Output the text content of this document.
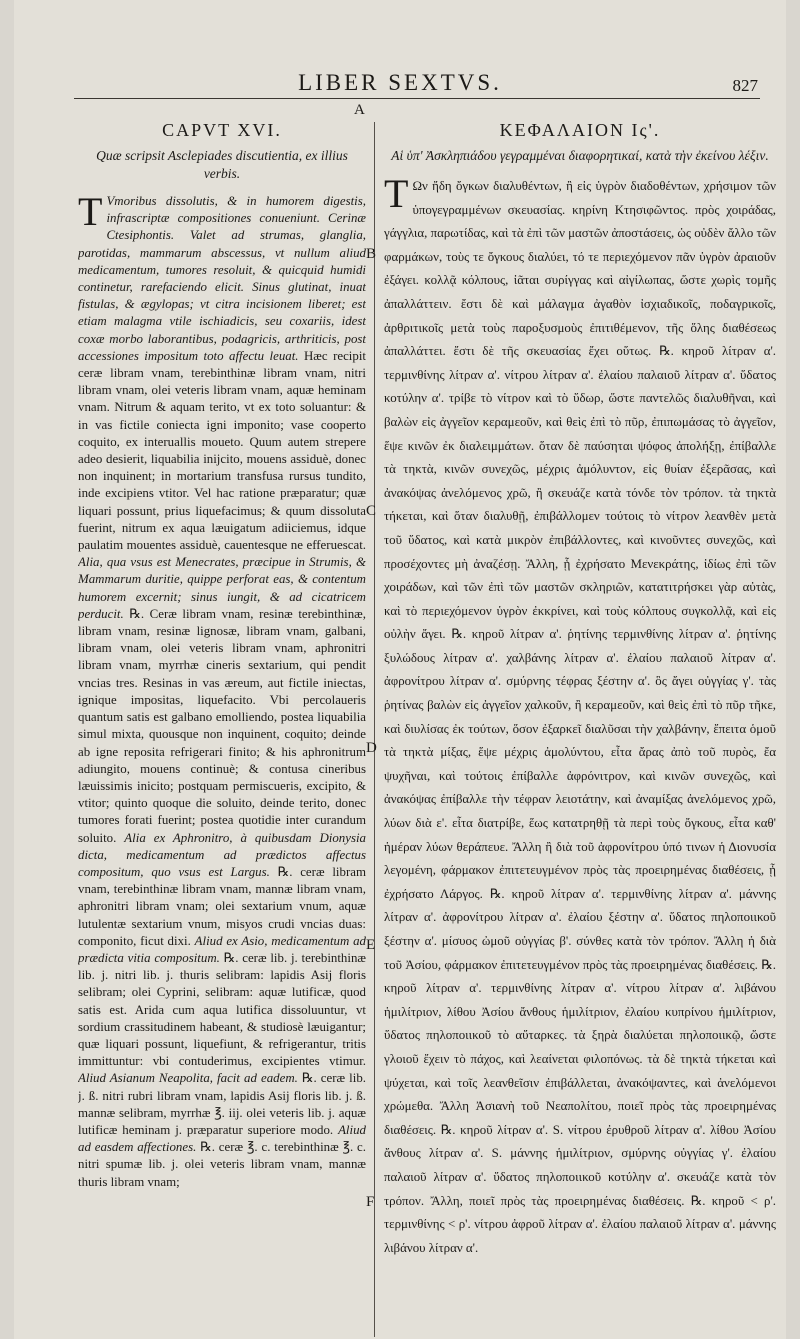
LIBER SEXTVS.	827
A
B
C
D
E
F
CAPVT XVI.
Quæ scripsit Asclepiades discutientia, ex illius verbis.

T Vmoribus dissolutis, & in humorem digestis, infrascriptæ compositiones conueniunt. Cerinæ Ctesiphontis. Valet ad strumas, glanglia, parotidas, mammarum abscessus, vt nullum aliud medicamentum, tumores resoluit, & quicquid humidi continetur, rarefaciendo elicit. Sinus glutinat, inuat fistulas, & ægylopas; vt citra incisionem liberet; est etiam malagma vtile ischiadicis, seu coxariis, idest coxæ morbo laborantibus, podagricis, arthriticis, post accessiones impositum toto affectu leuat. Hæc recipit ceræ libram vnam, terebinthinæ libram vnam, nitri libram vnam, olei veteris libram vnam, aquæ heminam vnam. Nitrum & aquam terito, vt ex toto soluantur: & in vas fictile coniecta igni imponito; vase cooperto coquito, ex interuallis moueto. Quum autem strepere adeo desierit, liquabilia inijcito, mouens assiduè, donec non inquinent; in mortarium transfusa rursus tundito, inde excipiens vtitor. Vel hac ratione præparatur; quæ liquari possunt, prius liquefacimus; & quum dissoluta fuerint, nitrum ex aqua læuigatum adiiciemus, idque paulatim mouentes assiduè, cauentesque ne efferuescat. Alia, qua vsus est Menecrates, præcipue in Strumis, & Mammarum duritie, quippe perforat eas, & contentum humorem excernit; sinus iungit, & ad cicatricem perducit. ℞. Ceræ libram vnam, resinæ terebinthinæ, libram vnam, resinæ lignosæ, libram vnam, galbani, libram vnam, olei veteris libram vnam, aphronitri libram vnam, myrrhæ cineris sextarium, qui pendit vncias tres. Resinas in vas æreum, aut fictile iniectas, ignique impositas, liquefacito. Vbi percolaueris quantum satis est galbano emolliendo, postea liquabilia simul mixta, quousque non inquinent, coquito; deinde ab igne reposita refrigerari finito; & his aphronitrum adiungito, mouens continuè; & contusa cineribus læuissimis inicito; postquam permiscueris, excipito, & vtitor; quinto quoque die soluito, deinde terito, donec tumores forati fuerint; postea quotidie inter curandum soluito. Alia ex Aphronitro, à quibusdam Dionysia dicta, medicamentum ad prædictos affectus compositum, quo vsus est Largus. ℞. ceræ libram vnam, terebinthinæ libram vnam, mannæ libram vnam, aphronitri libram vnam; olei sextarium vnum, aquæ lutulentæ sextarium vnum, misyos crudi vncias duas: componito, ficut dixi. Aliud ex Asio, medicamentum ad prædicta vitia compositum. ℞. ceræ lib. j. terebinthinæ lib. j. nitri lib. j. thuris selibram: lapidis Asij floris selibram; olei Cyprini, selibram: aquæ lutificæ, quod satis est. Arida cum aqua lutifica dissoluuntur, vt sordium crassitudinem habeant, & studiosè læuigantur; quæ liquari possunt, liquefiunt, & refrigerantur, tritis immittuntur: vbi contuderimus, excipientes vtimur. Aliud Asianum Neapolita, facit ad eadem. ℞. ceræ lib. j. ß. nitri rubri libram vnam, lapidis Asij floris lib. j. ß. mannæ selibram, myrrhæ ℥. iij. olei veteris lib. j. aquæ lutificæ heminam j. præparatur superiore modo. Aliud ad easdem affectiones. ℞. ceræ ℥. c. terebinthinæ ℥. c. nitri spumæ lib. j. olei veteris libram vnam, mannæ thuris libram vnam;

ΚΕΦΑΛΑΙΟΝ Ις'.
Αἱ ὑπ' Ἀσκληπιάδου γεγραμμέναι διαφορητικαί, κατὰ τὴν ἐκείνου λέξιν.

Τ Ων ἤδη ὄγκων διαλυθέντων, ἢ εἰς ὑγρὸν διαδοθέντων, χρήσιμον τῶν ὑπογεγραμμένων σκευασίας. κηρίνη Κτησιφῶντος. πρὸς χοιράδας, γάγγλια, παρωτίδας, καὶ τὰ ἐπὶ τῶν μαστῶν ἀποστάσεις, ὡς οὐδὲν ἄλλο τῶν φαρμάκων, τοὺς τε ὄγκους διαλύει, τό τε περιεχόμενον πᾶν ὑγρὸν ἀραιοῦν ἐξάγει. κολλᾷ κόλπους, ἰᾶται συρίγγας καὶ αἰγίλωπας, ὥστε χωρὶς τομῆς ἀπαλλάττειν. ἔστι δὲ καὶ μάλαγμα ἀγαθὸν ἰσχιαδικοῖς, ποδαγρικοῖς, ἀρθριτικοῖς μετὰ τοὺς παροξυσμοὺς ἐπιτιθέμενον, τῆς ὅλης διαθέσεως ἀπαλλάττει. ἔστι δὲ τῆς σκευασίας ἔχει οὕτως. ℞. κηροῦ λίτραν α'. τερμινθίνης λίτραν α'. νίτρου λίτραν α'. ἐλαίου παλαιοῦ λίτραν α'. ὕδατος κοτύλην α'. τρίβε τὸ νίτρον καὶ τὸ ὕδωρ, ὥστε παντελῶς διαλυθῆναι, καὶ βαλὼν εἰς ἀγγεῖον κεραμεοῦν, καὶ θεὶς ἐπὶ τὸ πῦρ, ἐπιπωμάσας τὸ ἀγγεῖον, ἕψε κινῶν ἐκ διαλειμμάτων. ὅταν δὲ παύσηται ψόφος ἀπολήξῃ, ἐπίβαλλε τὰ τηκτὰ, κινῶν συνεχῶς, μέχρις ἀμόλυντον, εἰς θυίαν ἐξερᾶσας, καὶ ἀνακόψας ἀνελόμενος χρῶ, ἢ σκευάζε κατὰ τόνδε τὸν τρόπον. τὰ τηκτὰ τήκεται, καὶ ὅταν διαλυθῇ, ἐπιβάλλομεν τούτοις τὸ νίτρον λεανθὲν μετὰ τοῦ ὕδατος, καὶ κατὰ μικρὸν ἐπιβάλλοντες, καὶ κινοῦντες συνεχῶς, καὶ προσέχοντες μὴ ἀναζέσῃ. Ἄλλη, ᾗ ἐχρήσατο Μενεκράτης, ἰδίως ἐπὶ τῶν χοιράδων, καὶ τῶν ἐπὶ τῶν μαστῶν σκληριῶν, κατατιτρήσκει γὰρ αὐτὰς, καὶ τὸ περιεχόμενον ὑγρὸν ἐκκρίνει, καὶ τοὺς κόλπους συγκολλᾷ, καὶ εἰς οὐλὴν ἄγει. ℞. κηροῦ λίτραν α'. ῥητίνης τερμινθίνης λίτραν α'. ῥητίνης ξυλώδους λίτραν α'. χαλβάνης λίτραν α'. ἐλαίου παλαιοῦ λίτραν α'. ἀφρονίτρου λίτραν α'. σμύρνης τέφρας ξέστην α'. ὃς ἄγει οὐγγίας γ'. τὰς ῥητίνας βαλὼν εἰς ἀγγεῖον χαλκοῦν, ἢ κεραμεοῦν, καὶ θεὶς ἐπὶ τὸ πῦρ τῆκε, καὶ διυλίσας ἐκ τούτων, ὅσον ἐξαρκεῖ διαλῦσαι τὴν χαλβάνην, ἔπειτα ὁμοῦ τὰ τηκτὰ μίξας, ἕψε μέχρις ἀμολύντου, εἶτα ἄρας ἀπὸ τοῦ πυρὸς, ἔα ψυχῆναι, καὶ τούτοις ἐπίβαλλε ἀφρόνιτρον, καὶ κινῶν συνεχῶς, καὶ ἀνακόψας ἐπίβαλλε τὴν τέφραν λειοτάτην, καὶ ἀναμίξας ἀνελόμενος χρῶ, λύων διὰ ε'. εἶτα διατρίβε, ἕως κατατρηθῇ τὰ περὶ τοὺς ὄγκους, εἶτα καθ' ἡμέραν λύων θεράπευε. Ἄλλη ἢ διὰ τοῦ ἀφρονίτρου ὑπό τινων ἡ Διονυσία λεγομένη, φάρμακον ἐπιτετευγμένον πρὸς τὰς προειρημένας διαθέσεις, ᾗ ἐχρήσατο Λάργος. ℞. κηροῦ λίτραν α'. τερμινθίνης λίτραν α'. μάννης λίτραν α'. ἀφρονίτρου λίτραν α'. ἐλαίου ξέστην α'. ὕδατος πηλοποιικοῦ ξέστην α'. μίσυος ὠμοῦ οὐγγίας β'. σύνθες κατὰ τὸν τρόπον. Ἄλλη ἡ διὰ τοῦ Ἀσίου, φάρμακον ἐπιτετευγμένον πρὸς τὰς προειρημένας διαθέσεις. ℞. κηροῦ λίτραν α'. τερμινθίνης λίτραν α'. νίτρου λίτραν α'. λιβάνου ἡμιλίτριον, λίθου Ἀσίου ἄνθους ἡμιλίτριον, ἐλαίου κυπρίνου ἡμιλίτριον, ὕδατος πηλοποιικοῦ τὸ αὔταρκες. τὰ ξηρὰ διαλύεται πηλοποιικῷ, ὥστε γλοιοῦ ἔχειν τὸ πάχος, καὶ λεαίνεται φιλοπόνως. τὰ δὲ τηκτὰ τήκεται καὶ ψύχεται, καὶ τοῖς λεανθεῖσιν ἐπιβάλλεται, ἀνακόψαντες, καὶ ἀνελόμενοι χρώμεθα. Ἄλλη Ἀσιανὴ τοῦ Νεαπολίτου, ποιεῖ πρὸς τὰς προειρημένας διαθέσεις. ℞. κηροῦ λίτραν α'. S. νίτρου ἐρυθροῦ λίτραν α'. λίθου Ἀσίου ἄνθους λίτραν α'. S. μάννης ἡμιλίτριον, σμύρνης οὐγγίας γ'. ἐλαίου παλαιοῦ λίτραν α'. ὕδατος πηλοποιικοῦ κοτύλην α'. σκευάζε κατὰ τὸν τρόπον. Ἄλλη, ποιεῖ πρὸς τὰς προειρημένας διαθέσεις. ℞. κηροῦ < ρ'. τερμινθίνης < ρ'. νίτρου ἀφροῦ λίτραν α'. ἐλαίου παλαιοῦ λίτραν α'. μάννης λιβάνου λίτραν α'.
